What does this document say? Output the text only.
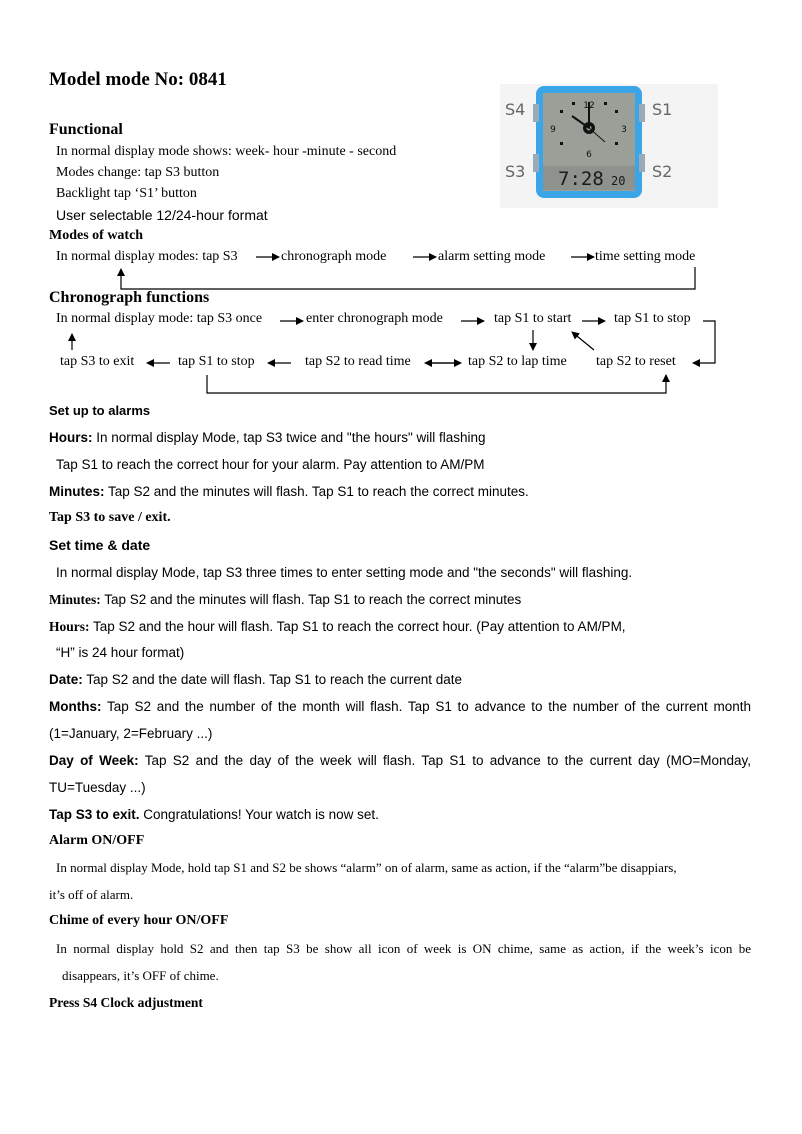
Model mode No: 0841
Functional
In normal display mode shows: week- hour -minute - second
Modes change: tap S3 button
Backlight tap ‘S1’ button
User selectable 12/24-hour format
S4	S1
S3	S2
12
3
6
9
7:28 20
Modes of watch
In normal display modes: tap S3	chronograph mode	alarm setting mode	time setting mode
Chronograph functions
In normal display mode: tap S3 once	enter chronograph mode	tap S1 to start	tap S1 to stop
tap S3 to exit	tap S1 to stop	tap S2 to read time	tap S2 to lap time tap S2 to reset
Set up to alarms
Hours: In normal display Mode, tap S3 twice and "the hours" will flashing
Tap S1 to reach the correct hour for your alarm. Pay attention to AM/PM
Minutes: Tap S2 and the minutes will flash. Tap S1 to reach the correct minutes.
Tap S3 to save / exit.
Set time & date
In normal display Mode, tap S3 three times to enter setting mode and "the seconds" will flashing.
Minutes: Tap S2 and the minutes will flash. Tap S1 to reach the correct minutes
Hours: Tap S2 and the hour will flash. Tap S1 to reach the correct hour. (Pay attention to AM/PM,
“H” is 24 hour format)
Date: Tap S2 and the date will flash. Tap S1 to reach the current date
Months: Tap S2 and the number of the month will flash. Tap S1 to advance to the number of the current month
(1=January, 2=February ...)
Day of Week: Tap S2 and the day of the week will flash. Tap S1 to advance to the current day (MO=Monday,
TU=Tuesday ...)
Tap S3 to exit. Congratulations! Your watch is now set.
Alarm ON/OFF
In normal display Mode, hold tap S1 and S2 be shows “alarm” on of alarm, same as action, if the “alarm”be disappiars,
it’s off of alarm.
Chime of every hour ON/OFF
In normal display hold S2 and then tap S3 be show all icon of week is ON chime, same as action, if the week’s icon be
disappears, it’s OFF of chime.
Press S4 Clock adjustment
